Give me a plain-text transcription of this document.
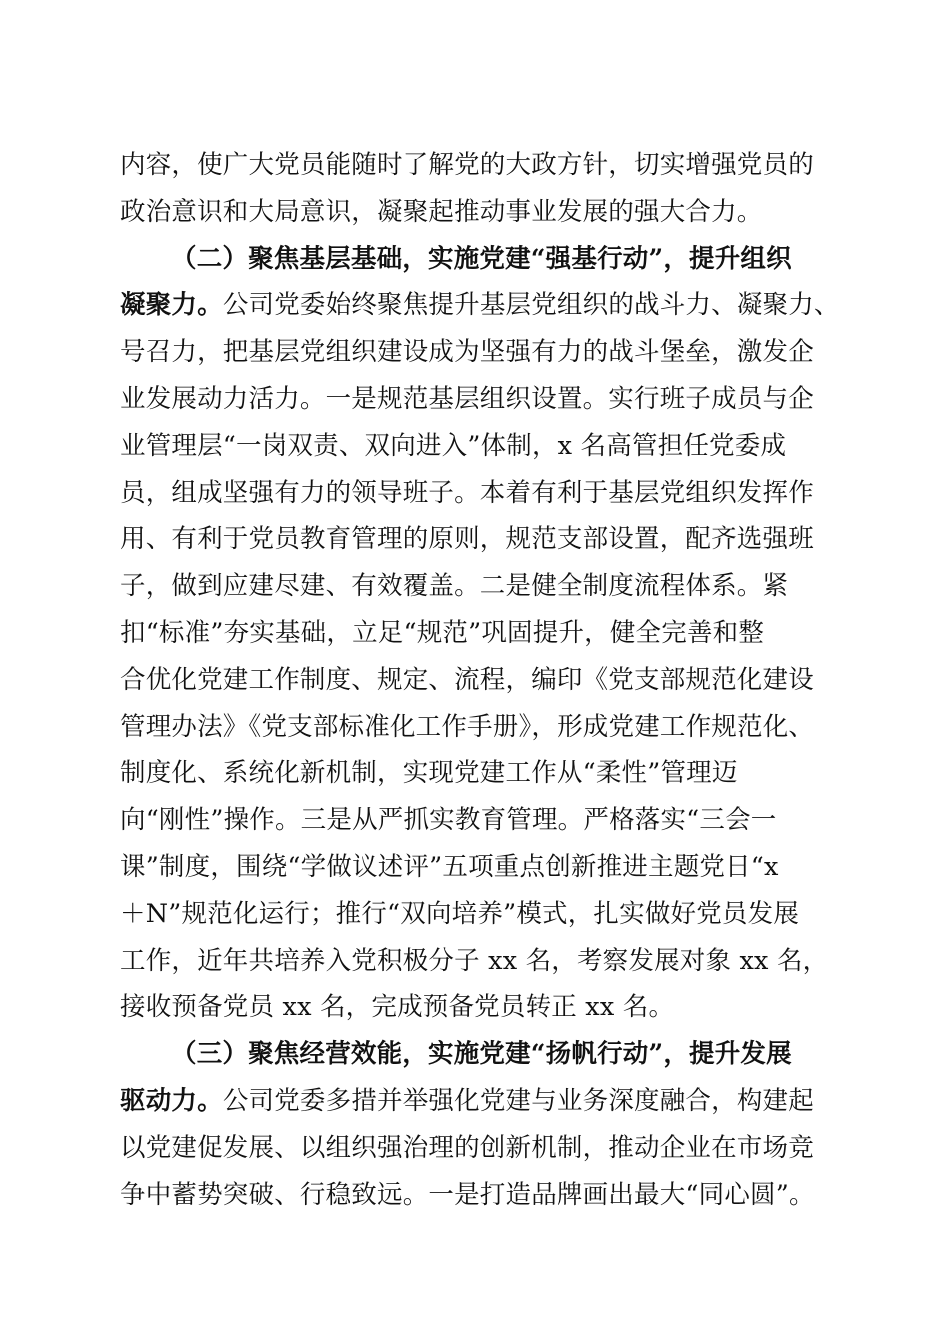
内容，使广大党员能随时了解党的大政方针，切实增强党员的
政治意识和大局意识，凝聚起推动事业发展的强大合力。
（二）聚焦基层基础，实施党建“强基行动”，提升组织
凝聚力。公司党委始终聚焦提升基层党组织的战斗力、凝聚力、
号召力，把基层党组织建设成为坚强有力的战斗堡垒，激发企
业发展动力活力。一是规范基层组织设置。实行班子成员与企
业管理层“一岗双责、双向进入”体制，x 名高管担任党委成
员，组成坚强有力的领导班子。本着有利于基层党组织发挥作
用、有利于党员教育管理的原则，规范支部设置，配齐选强班
子，做到应建尽建、有效覆盖。二是健全制度流程体系。紧
扣“标准”夯实基础，立足“规范”巩固提升，健全完善和整
合优化党建工作制度、规定、流程，编印《党支部规范化建设
管理办法》《党支部标准化工作手册》，形成党建工作规范化、
制度化、系统化新机制，实现党建工作从“柔性”管理迈
向“刚性”操作。三是从严抓实教育管理。严格落实“三会一
课”制度，围绕“学做议述评”五项重点创新推进主题党日“x
＋N”规范化运行；推行“双向培养”模式，扎实做好党员发展
工作，近年共培养入党积极分子 xx 名，考察发展对象 xx 名，
接收预备党员 xx 名，完成预备党员转正 xx 名。
（三）聚焦经营效能，实施党建“扬帆行动”，提升发展
驱动力。公司党委多措并举强化党建与业务深度融合，构建起
以党建促发展、以组织强治理的创新机制，推动企业在市场竞
争中蓄势突破、行稳致远。一是打造品牌画出最大“同心圆”。
